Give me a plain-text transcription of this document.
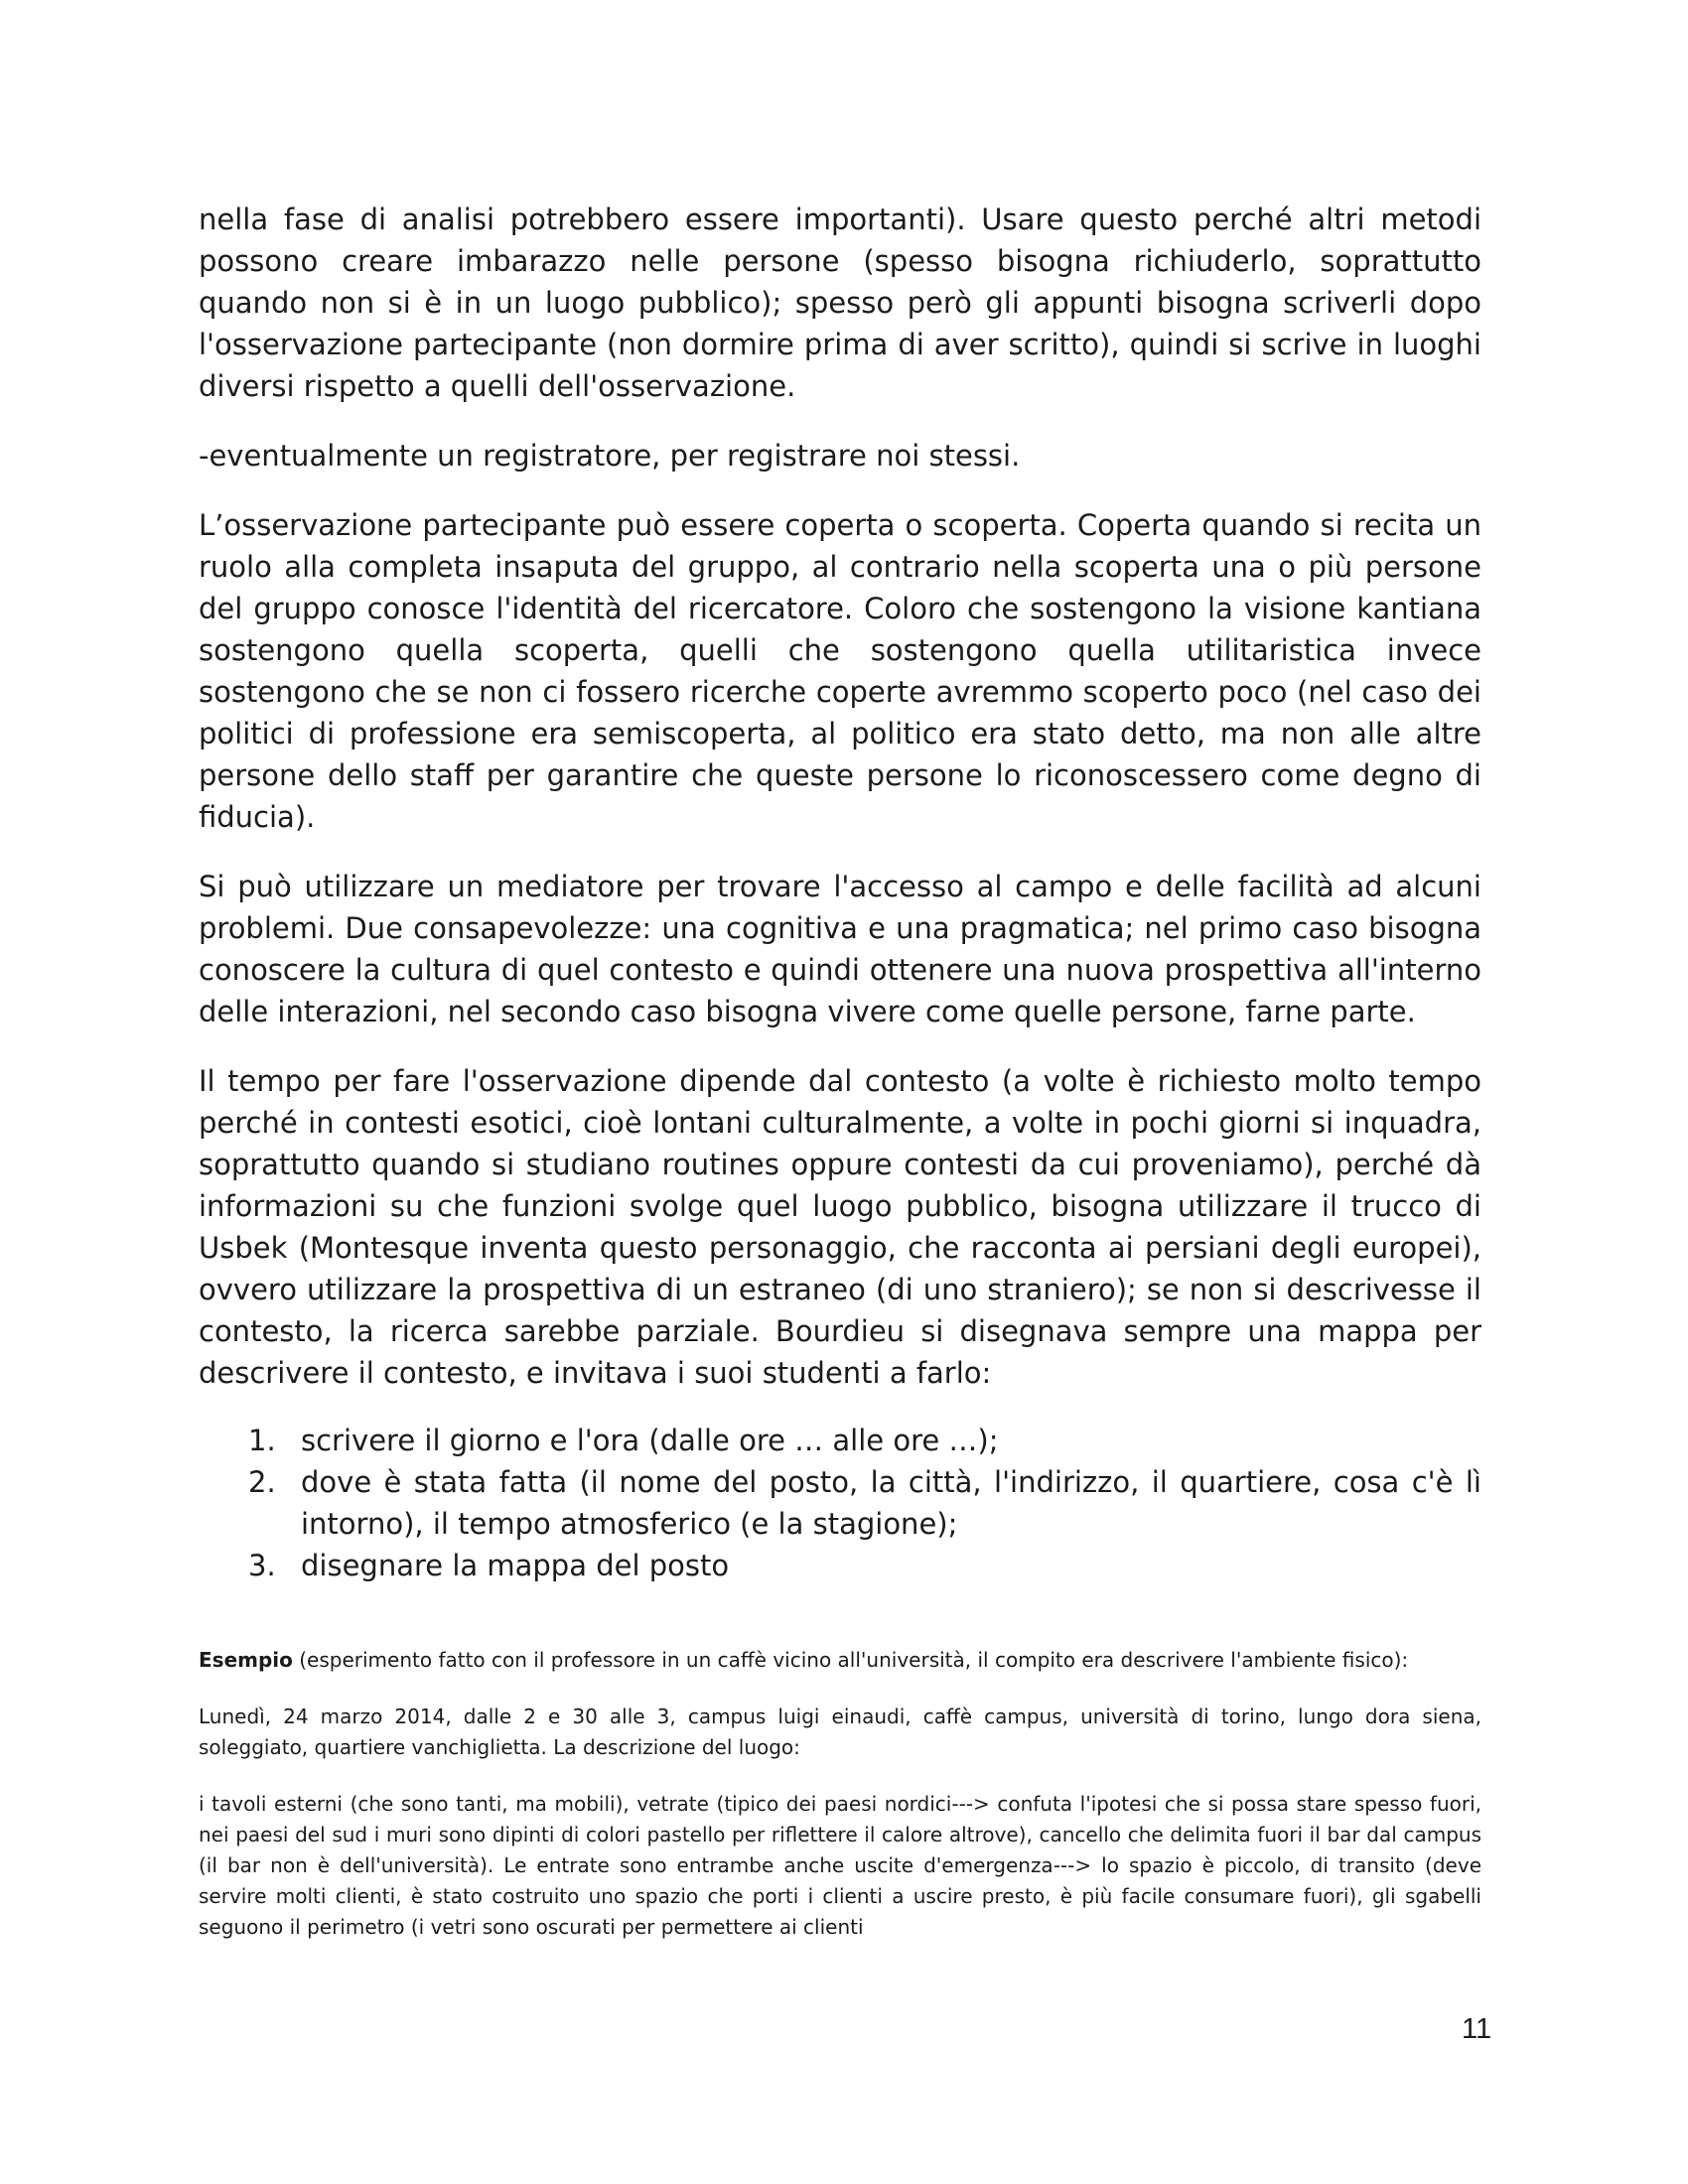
nella fase di analisi potrebbero essere importanti). Usare questo perché altri metodi possono creare imbarazzo nelle persone (spesso bisogna richiuderlo, soprattutto quando non si è in un luogo pubblico); spesso però gli appunti bisogna scriverli dopo l'osservazione partecipante (non dormire prima di aver scritto), quindi si scrive in luoghi diversi rispetto a quelli dell'osservazione.

-eventualmente un registratore, per registrare noi stessi.

L’osservazione partecipante può essere coperta o scoperta. Coperta quando si recita un ruolo alla completa insaputa del gruppo, al contrario nella scoperta una o più persone del gruppo conosce l'identità del ricercatore. Coloro che sostengono la visione kantiana sostengono quella scoperta, quelli che sostengono quella utilitaristica invece sostengono che se non ci fossero ricerche coperte avremmo scoperto poco (nel caso dei politici di professione era semiscoperta, al politico era stato detto, ma non alle altre persone dello staff per garantire che queste persone lo riconoscessero come degno di fiducia).

Si può utilizzare un mediatore per trovare l'accesso al campo e delle facilità ad alcuni problemi. Due consapevolezze: una cognitiva e una pragmatica; nel primo caso bisogna conoscere la cultura di quel contesto e quindi ottenere una nuova prospettiva all'interno delle interazioni, nel secondo caso bisogna vivere come quelle persone, farne parte.

Il tempo per fare l'osservazione dipende dal contesto (a volte è richiesto molto tempo perché in contesti esotici, cioè lontani culturalmente, a volte in pochi giorni si inquadra, soprattutto quando si studiano routines oppure contesti da cui proveniamo), perché dà informazioni su che funzioni svolge quel luogo pubblico, bisogna utilizzare il trucco di Usbek (Montesque inventa questo personaggio, che racconta ai persiani degli europei), ovvero utilizzare la prospettiva di un estraneo (di uno straniero); se non si descrivesse il contesto, la ricerca sarebbe parziale. Bourdieu si disegnava sempre una mappa per descrivere il contesto, e invitava i suoi studenti a farlo:

1. scrivere il giorno e l'ora (dalle ore … alle ore …);
2. dove è stata fatta (il nome del posto, la città, l'indirizzo, il quartiere, cosa c'è lì intorno), il tempo atmosferico (e la stagione);
3. disegnare la mappa del posto

Esempio (esperimento fatto con il professore in un caffè vicino all'università, il compito era descrivere l'ambiente fisico):

Lunedì, 24 marzo 2014, dalle 2 e 30 alle 3, campus luigi einaudi, caffè campus, università di torino, lungo dora siena, soleggiato, quartiere vanchiglietta. La descrizione del luogo:

i tavoli esterni (che sono tanti, ma mobili), vetrate (tipico dei paesi nordici---> confuta l'ipotesi che si possa stare spesso fuori, nei paesi del sud i muri sono dipinti di colori pastello per riflettere il calore altrove), cancello che delimita fuori il bar dal campus (il bar non è dell'università). Le entrate sono entrambe anche uscite d'emergenza---> lo spazio è piccolo, di transito (deve servire molti clienti, è stato costruito uno spazio che porti i clienti a uscire presto, è più facile consumare fuori), gli sgabelli seguono il perimetro (i vetri sono oscurati per permettere ai clienti

11
